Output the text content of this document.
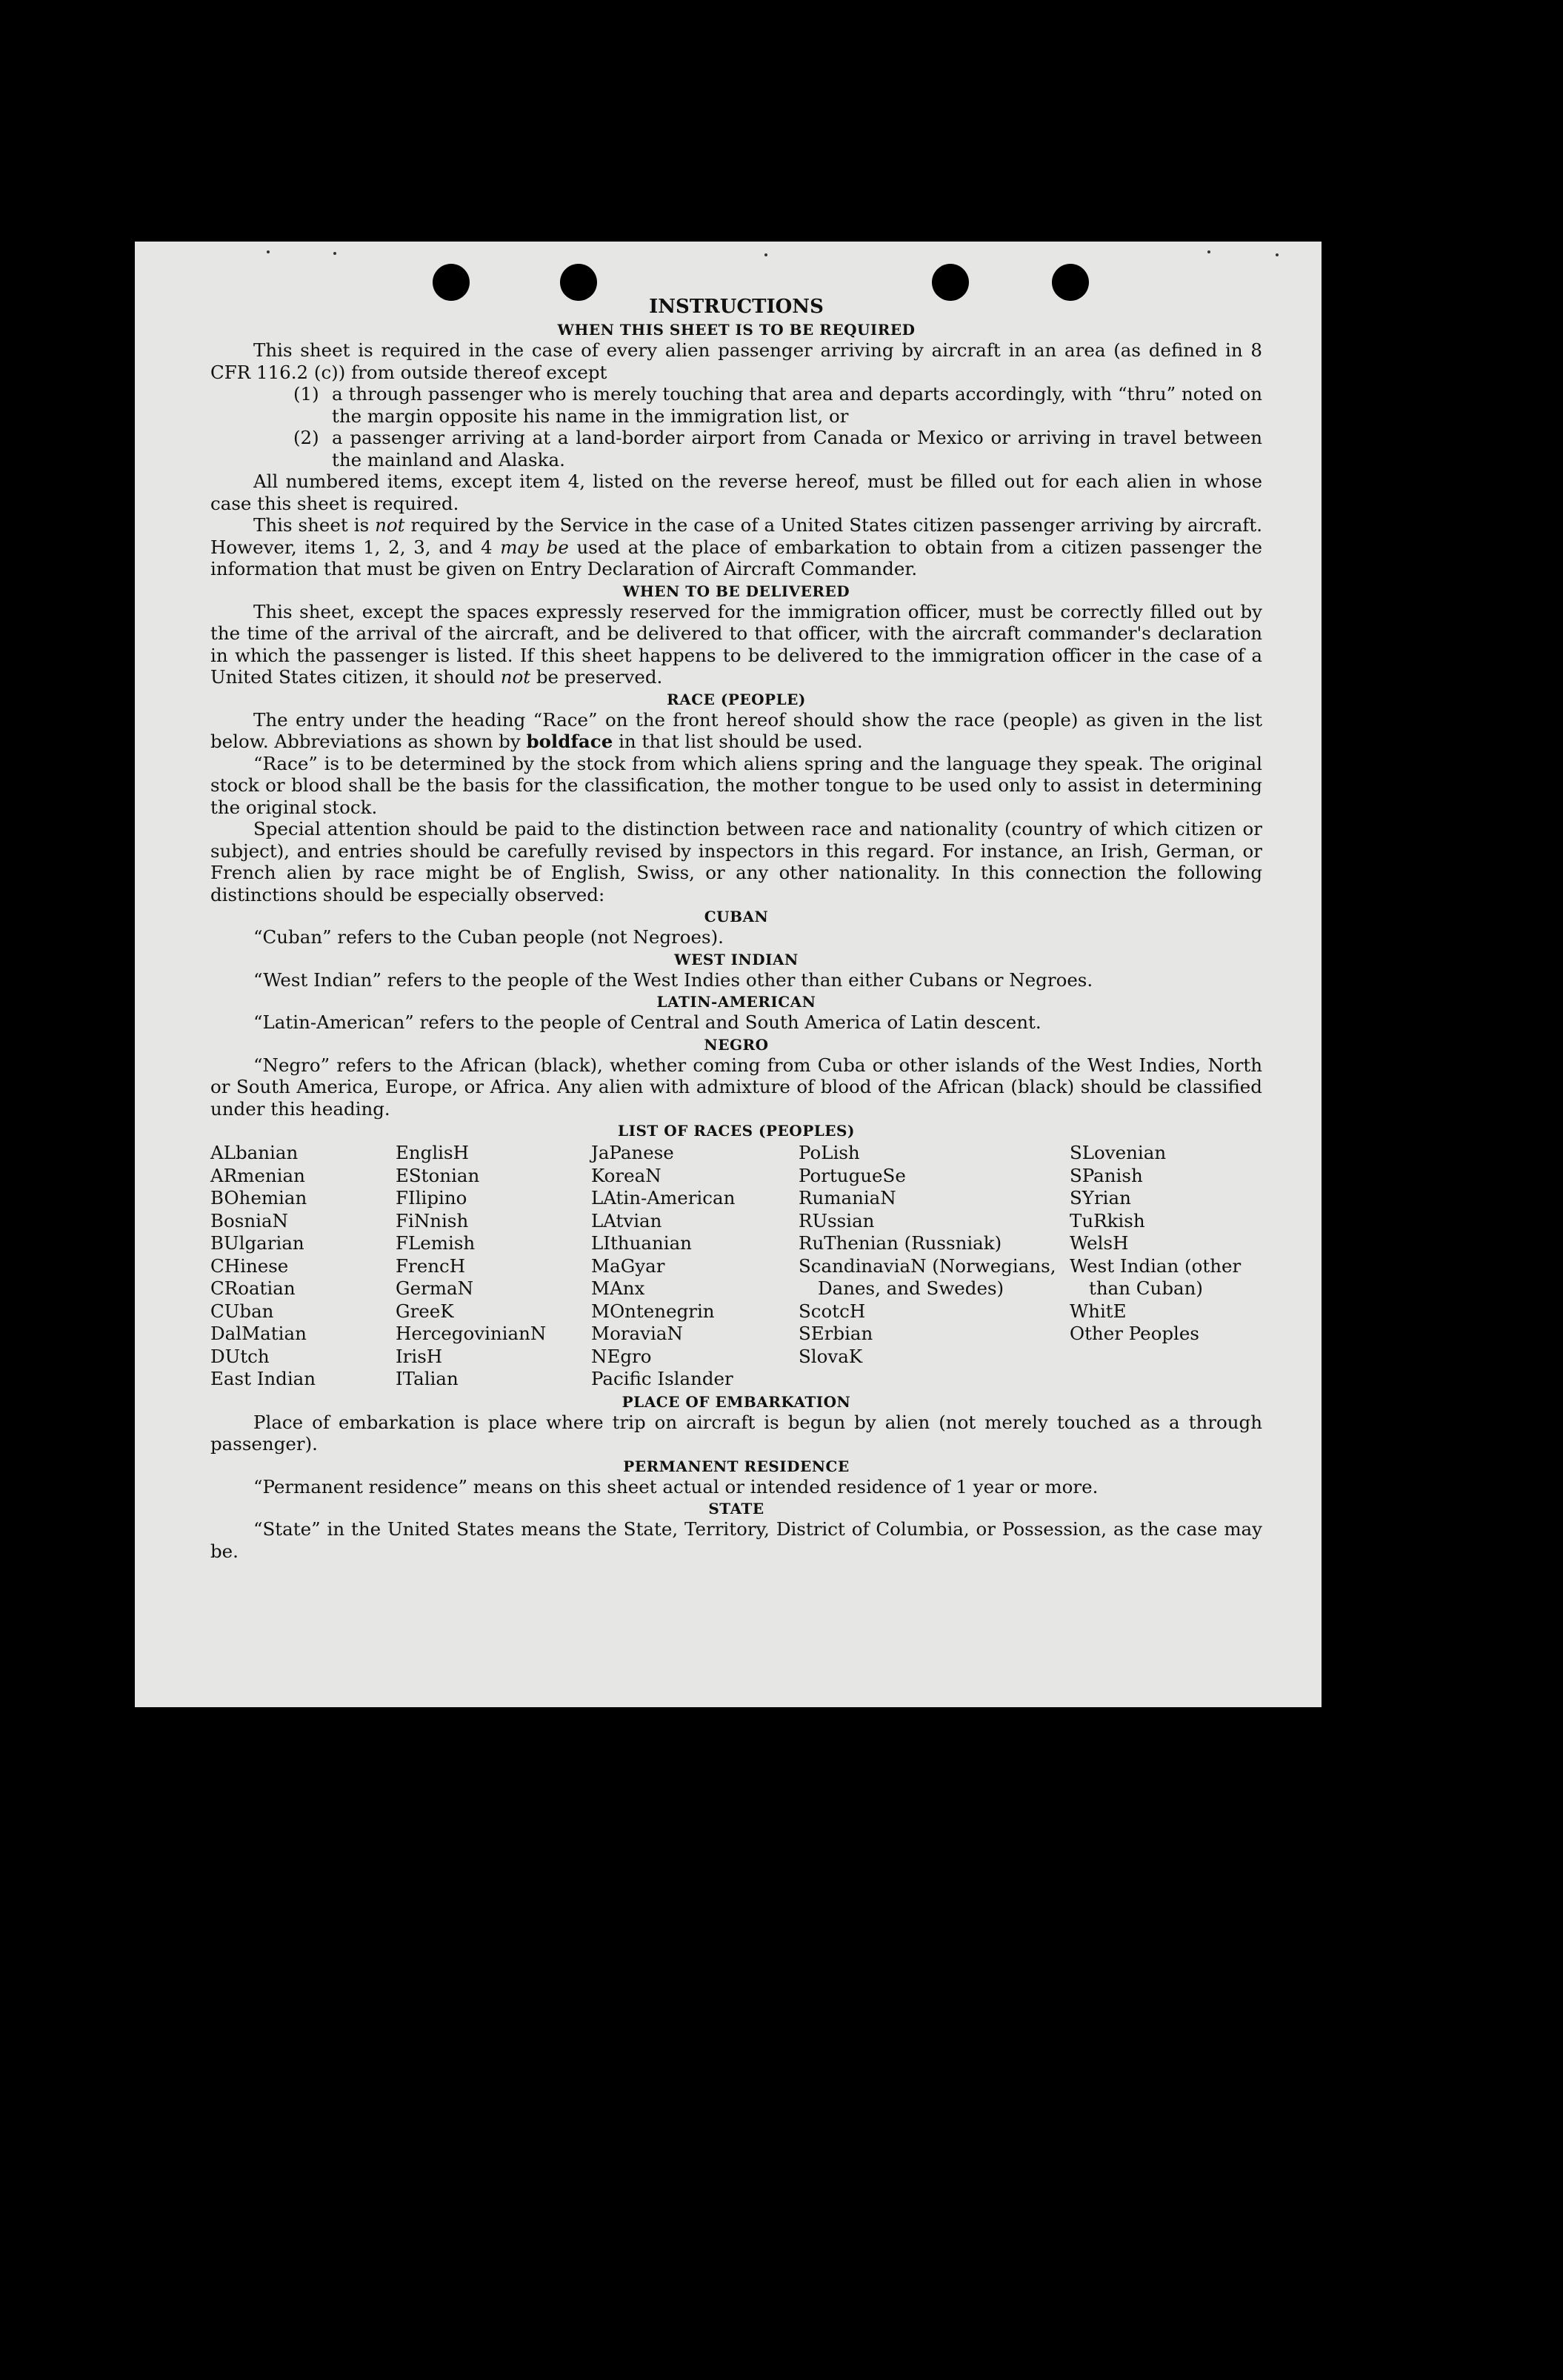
INSTRUCTIONS
WHEN THIS SHEET IS TO BE REQUIRED

This sheet is required in the case of every alien passenger arriving by aircraft in an area (as defined in 8 CFR 116.2 (c)) from outside thereof except

(1) a through passenger who is merely touching that area and departs accordingly, with “thru” noted on the margin opposite his name in the immigration list, or
(2) a passenger arriving at a land-border airport from Canada or Mexico or arriving in travel between the mainland and Alaska.

All numbered items, except item 4, listed on the reverse hereof, must be filled out for each alien in whose case this sheet is required.

This sheet is not required by the Service in the case of a United States citizen passenger arriving by aircraft. However, items 1, 2, 3, and 4 may be used at the place of embarkation to obtain from a citizen passenger the information that must be given on Entry Declaration of Aircraft Commander.

WHEN TO BE DELIVERED

This sheet, except the spaces expressly reserved for the immigration officer, must be correctly filled out by the time of the arrival of the aircraft, and be delivered to that officer, with the aircraft commander's declaration in which the passenger is listed. If this sheet happens to be delivered to the immigration officer in the case of a United States citizen, it should not be preserved.

RACE (PEOPLE)

The entry under the heading “Race” on the front hereof should show the race (people) as given in the list below. Abbreviations as shown by boldface in that list should be used.

“Race” is to be determined by the stock from which aliens spring and the language they speak. The original stock or blood shall be the basis for the classification, the mother tongue to be used only to assist in determining the original stock.

Special attention should be paid to the distinction between race and nationality (country of which citizen or subject), and entries should be carefully revised by inspectors in this regard. For instance, an Irish, German, or French alien by race might be of English, Swiss, or any other nationality. In this connection the following distinctions should be especially observed:

CUBAN

“Cuban” refers to the Cuban people (not Negroes).

WEST INDIAN

“West Indian” refers to the people of the West Indies other than either Cubans or Negroes.

LATIN-AMERICAN

“Latin-American” refers to the people of Central and South America of Latin descent.

NEGRO

“Negro” refers to the African (black), whether coming from Cuba or other islands of the West Indies, North or South America, Europe, or Africa. Any alien with admixture of blood of the African (black) should be classified under this heading.

LIST OF RACES (PEOPLES)
ALbanian
ARmenian
BOhemian
BosniaN
BUlgarian
CHinese
CRoatian
CUban
DalMatian
DUtch
East Indian
EnglisH
EStonian
FIlipino
FiNnish
FLemish
FrencH
GermaN
GreeK
HercegovinianN
IrisH
ITalian
JaPanese
KoreaN
LAtin-American
LAtvian
LIthuanian
MaGyar
MAnx
MOntenegrin
MoraviaN
NEgro
Pacific Islander
PoLish
PortugueSe
RumaniaN
RUssian
RuThenian (Russniak)
ScandinaviaN (Norwegians, Danes, and Swedes)
ScotcH
SErbian
SlovaK
SLovenian
SPanish
SYrian
TuRkish
WelsH
West Indian (other than Cuban)
WhitE
Other Peoples
PLACE OF EMBARKATION

Place of embarkation is place where trip on aircraft is begun by alien (not merely touched as a through passenger).

PERMANENT RESIDENCE

“Permanent residence” means on this sheet actual or intended residence of 1 year or more.

STATE

“State” in the United States means the State, Territory, District of Columbia, or Possession, as the case may be.
